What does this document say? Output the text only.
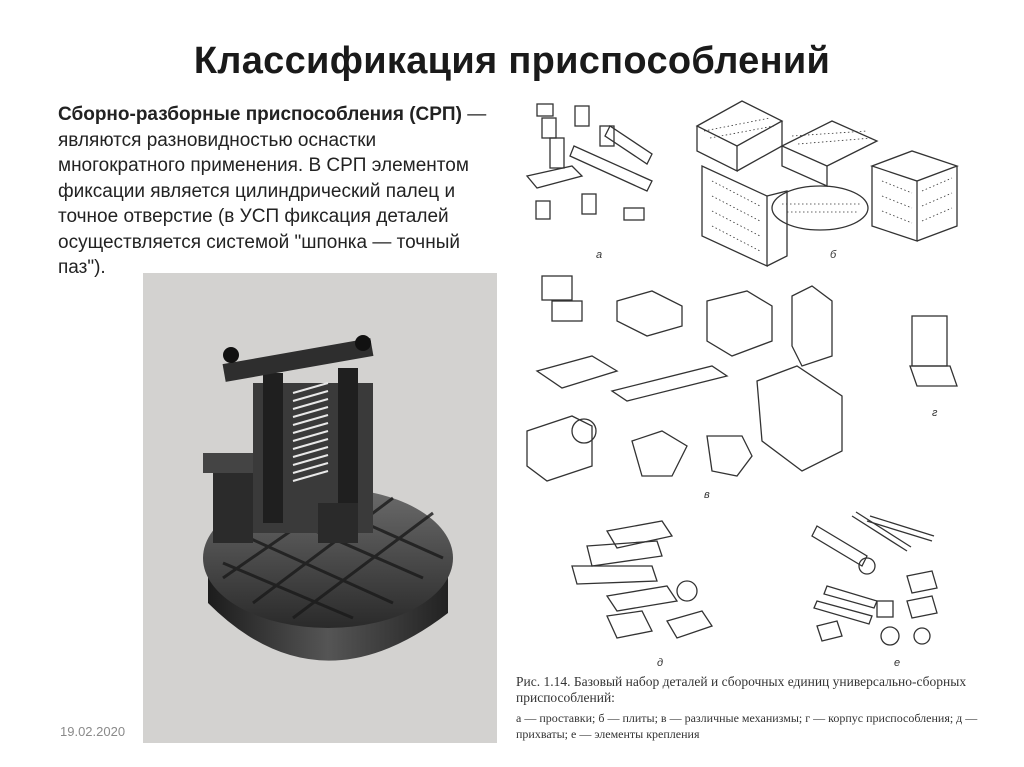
Классификация приспособлений
Сборно-разборные приспособления (СРП) — являются разновидностью оснастки многократного применения. В СРП элементом фиксации является цилиндрический палец и точное отверстие (в УСП фиксация деталей осуществляется системой "шпонка — точный паз").
а	б
в
г
д	е
Рис. 1.14. Базовый набор деталей и сборочных единиц универсально-сборных приспособлений:
а — проставки; б — плиты; в — различные механизмы; г — корпус приспособления; д — прихваты; е — элементы крепления
19.02.2020
